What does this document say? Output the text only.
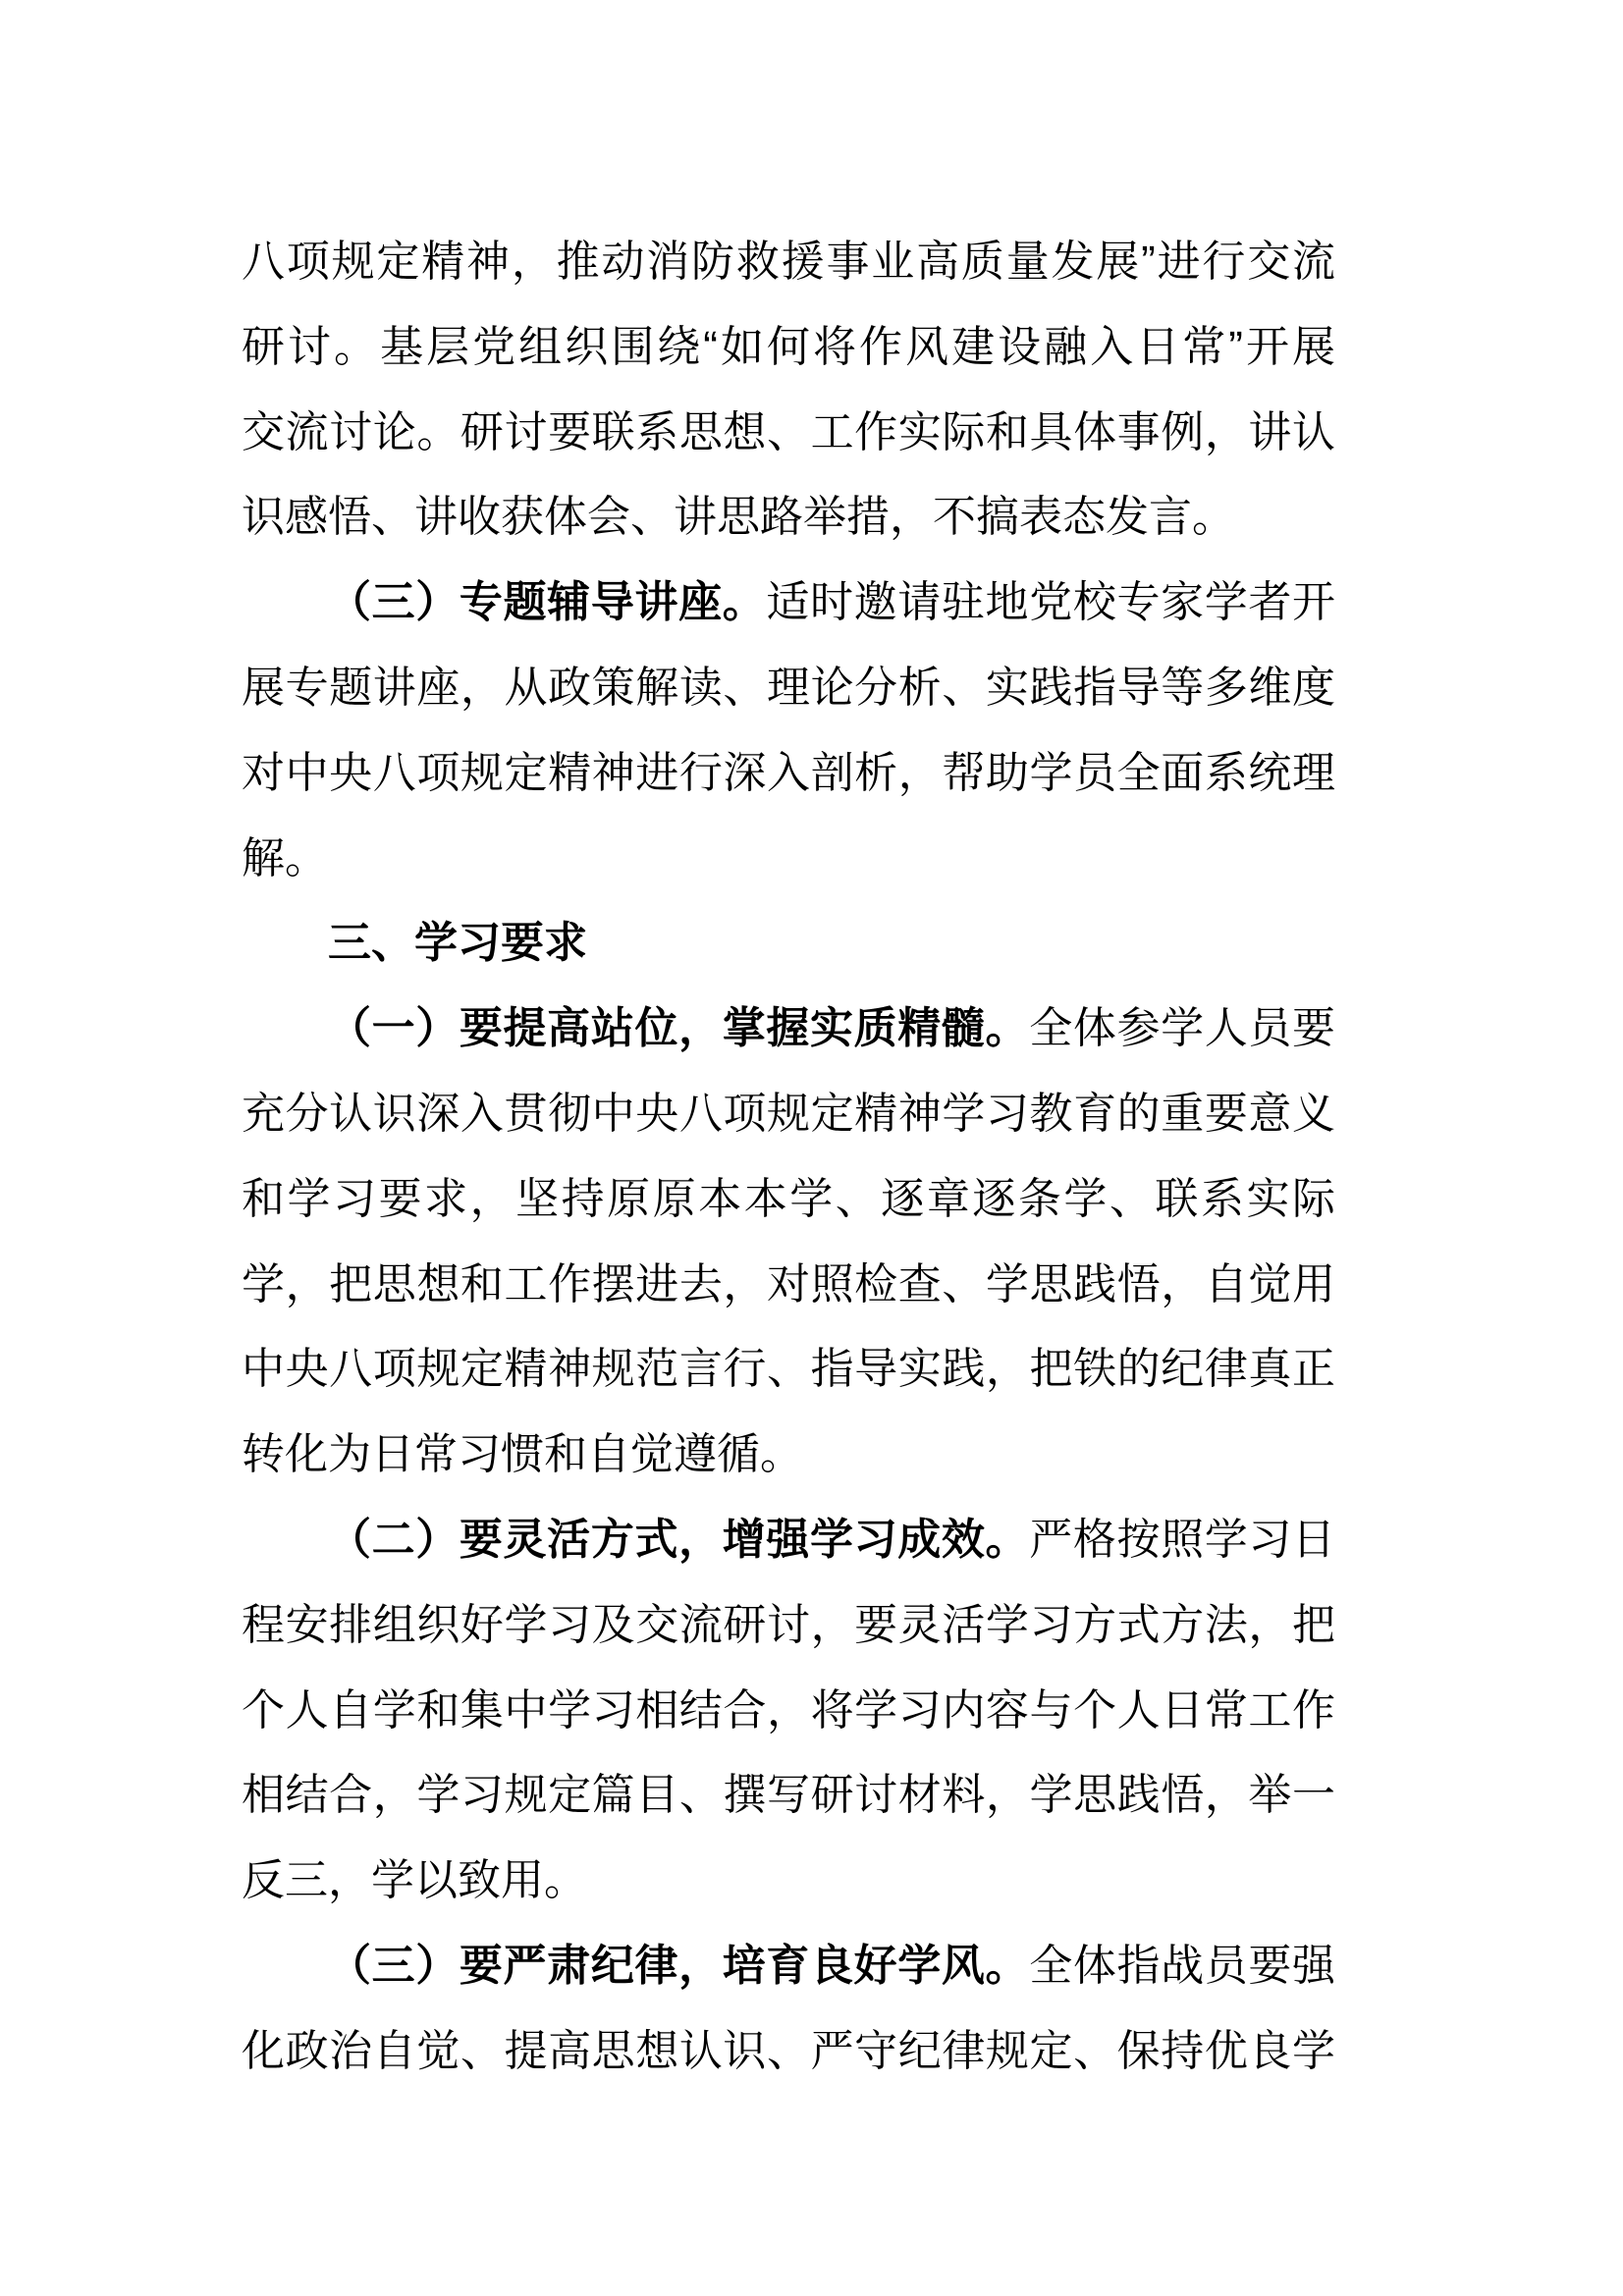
八项规定精神，推动消防救援事业高质量发展”进行交流
研讨。基层党组织围绕“如何将作风建设融入日常”开展
交流讨论。研讨要联系思想、工作实际和具体事例，讲认
识感悟、讲收获体会、讲思路举措，不搞表态发言。
（三）专题辅导讲座。适时邀请驻地党校专家学者开
展专题讲座，从政策解读、理论分析、实践指导等多维度
对中央八项规定精神进行深入剖析，帮助学员全面系统理
解。
三、学习要求
（一）要提高站位，掌握实质精髓。全体参学人员要
充分认识深入贯彻中央八项规定精神学习教育的重要意义
和学习要求，坚持原原本本学、逐章逐条学、联系实际
学，把思想和工作摆进去，对照检查、学思践悟，自觉用
中央八项规定精神规范言行、指导实践，把铁的纪律真正
转化为日常习惯和自觉遵循。
（二）要灵活方式，增强学习成效。严格按照学习日
程安排组织好学习及交流研讨，要灵活学习方式方法，把
个人自学和集中学习相结合，将学习内容与个人日常工作
相结合，学习规定篇目、撰写研讨材料，学思践悟，举一
反三，学以致用。
（三）要严肃纪律，培育良好学风。全体指战员要强
化政治自觉、提高思想认识、严守纪律规定、保持优良学
